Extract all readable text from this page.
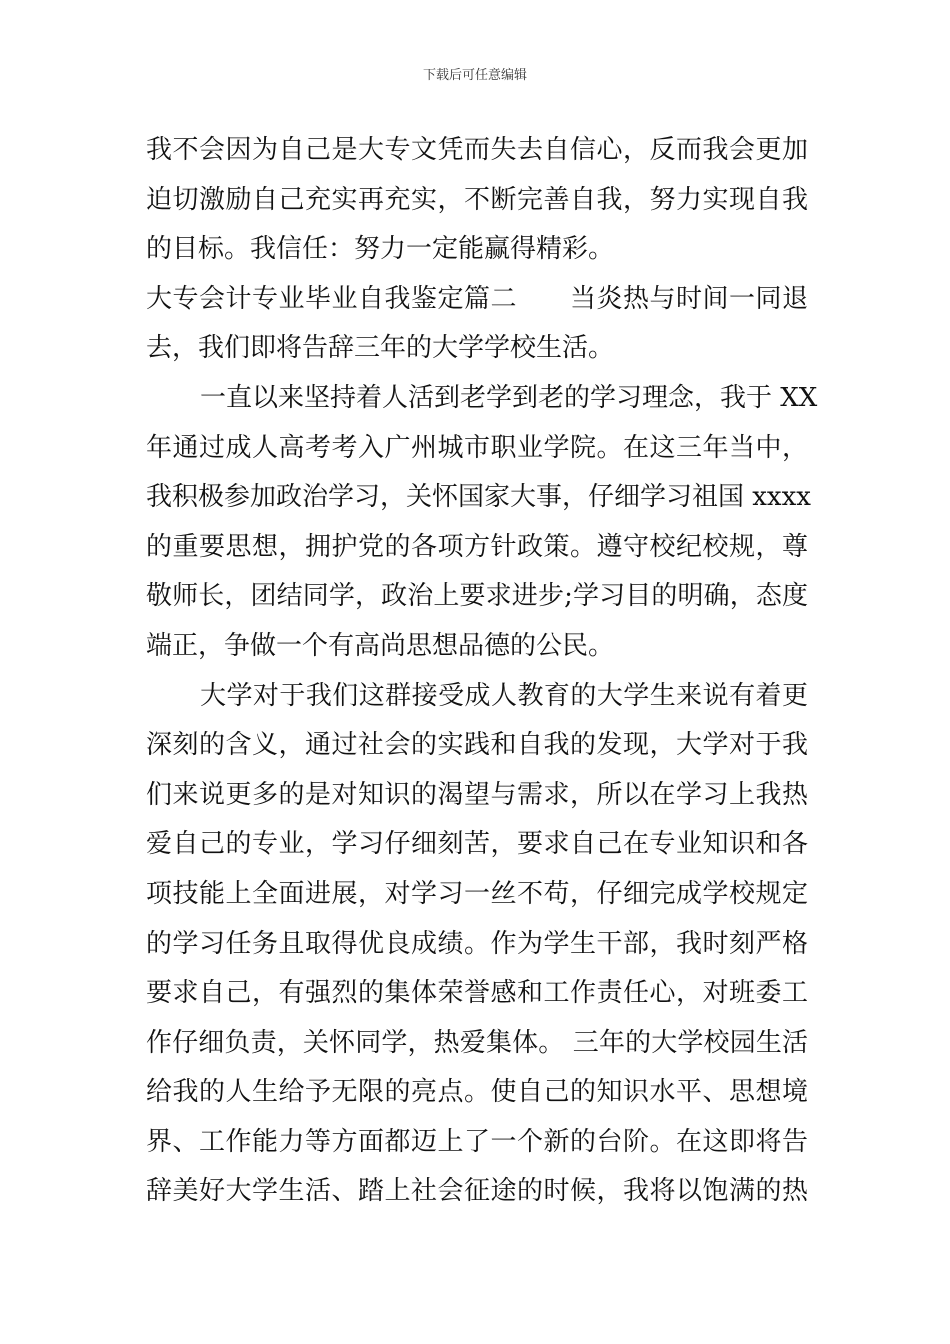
下载后可任意编辑
我不会因为自己是大专文凭而失去自信心，反而我会更加
迫切激励自己充实再充实，不断完善自我，努力实现自我
的目标。我信任：努力一定能赢得精彩。
大专会计专业毕业自我鉴定篇二　　当炎热与时间一同退
去，我们即将告辞三年的大学学校生活。
一直以来坚持着人活到老学到老的学习理念，我于 XX
年通过成人高考考入广州城市职业学院。在这三年当中，
我积极参加政治学习，关怀国家大事，仔细学习祖国 xxxx
的重要思想，拥护党的各项方针政策。遵守校纪校规，尊
敬师长，团结同学，政治上要求进步;学习目的明确，态度
端正，争做一个有高尚思想品德的公民。
大学对于我们这群接受成人教育的大学生来说有着更
深刻的含义，通过社会的实践和自我的发现，大学对于我
们来说更多的是对知识的渴望与需求，所以在学习上我热
爱自己的专业，学习仔细刻苦，要求自己在专业知识和各
项技能上全面进展，对学习一丝不苟，仔细完成学校规定
的学习任务且取得优良成绩。作为学生干部，我时刻严格
要求自己，有强烈的集体荣誉感和工作责任心，对班委工
作仔细负责，关怀同学，热爱集体。 三年的大学校园生活
给我的人生给予无限的亮点。使自己的知识水平、思想境
界、工作能力等方面都迈上了一个新的台阶。在这即将告
辞美好大学生活、踏上社会征途的时候，我将以饱满的热
